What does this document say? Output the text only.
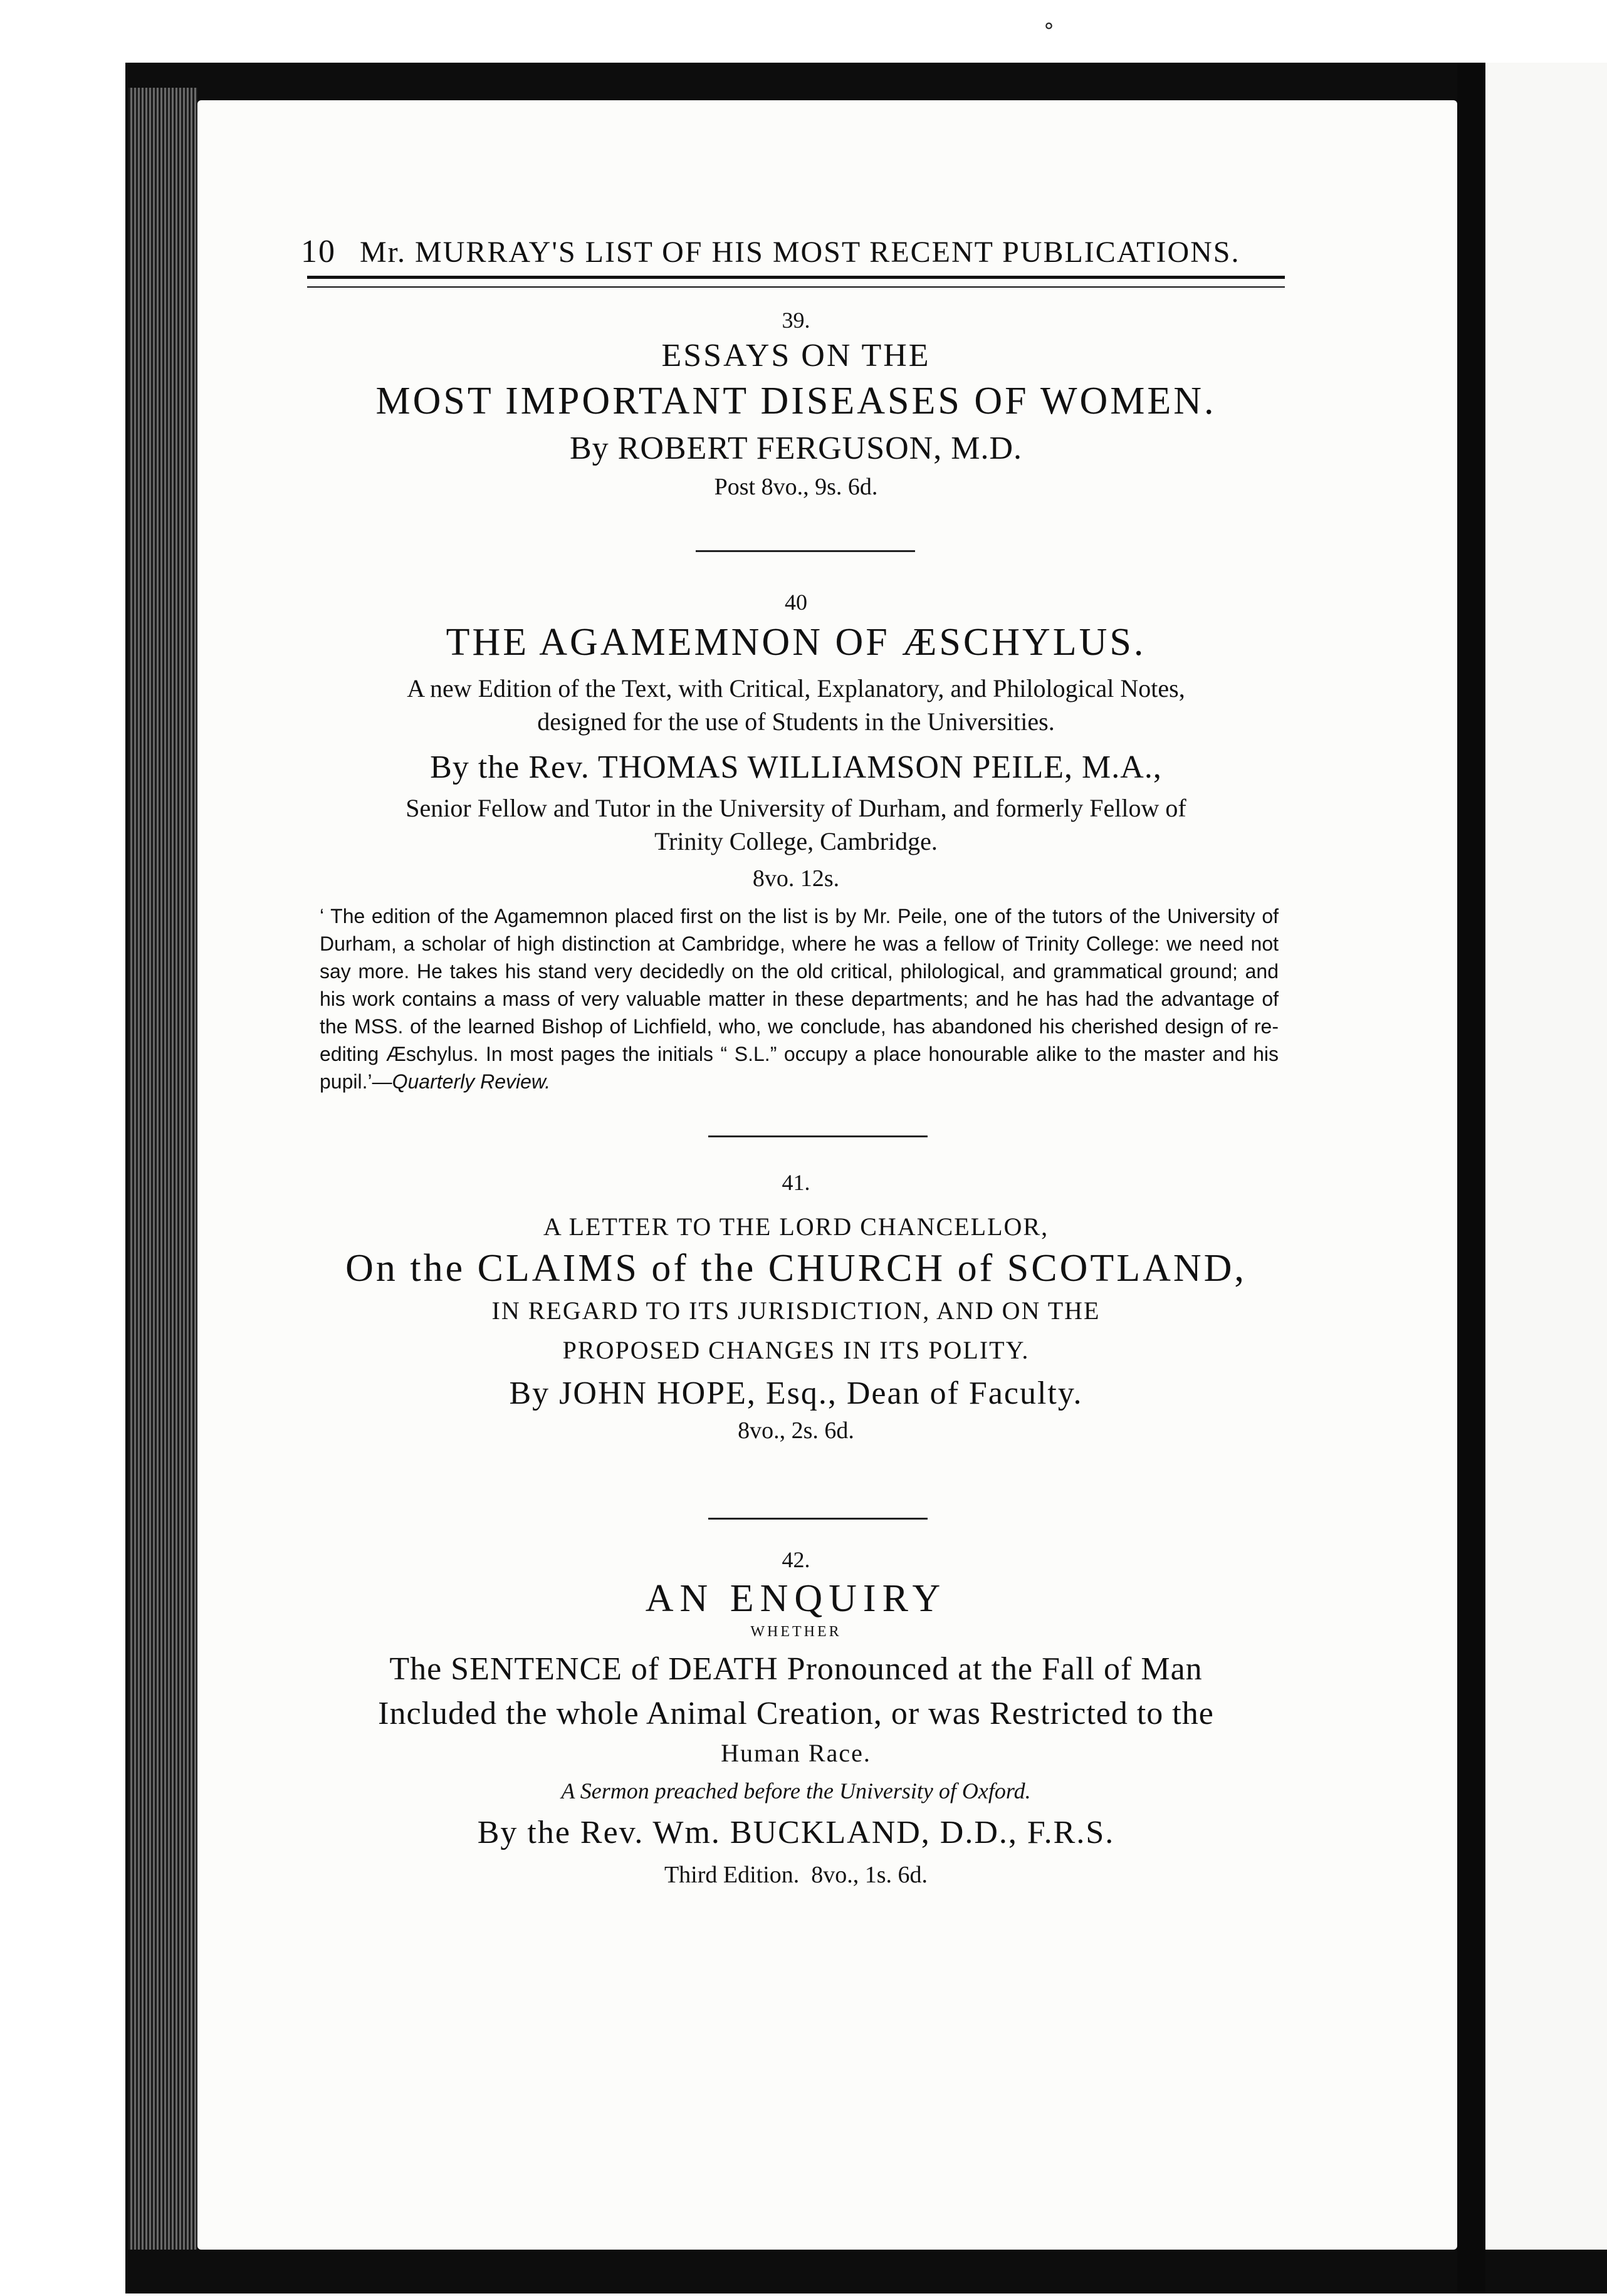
°
10 Mr. MURRAY'S LIST OF HIS MOST RECENT PUBLICATIONS.
39.
ESSAYS ON THE
MOST IMPORTANT DISEASES OF WOMEN.
By ROBERT FERGUSON, M.D.
Post 8vo., 9s. 6d.
40
THE AGAMEMNON OF ÆSCHYLUS.
A new Edition of the Text, with Critical, Explanatory, and Philological Notes,
designed for the use of Students in the Universities.
By the Rev. THOMAS WILLIAMSON PEILE, M.A.,
Senior Fellow and Tutor in the University of Durham, and formerly Fellow of
Trinity College, Cambridge.
8vo. 12s.
‘ The edition of the Agamemnon placed first on the list is by Mr. Peile, one of the tutors of the University of Durham, a scholar of high distinction at Cambridge, where he was a fellow of Trinity College: we need not say more. He takes his stand very decidedly on the old critical, philological, and grammatical ground; and his work contains a mass of very valuable matter in these departments; and he has had the advantage of the MSS. of the learned Bishop of Lichfield, who, we conclude, has abandoned his cherished design of re-editing Æschylus. In most pages the initials “ S.L.” occupy a place honourable alike to the master and his pupil.’—Quarterly Review.
41.
A LETTER TO THE LORD CHANCELLOR,
On the CLAIMS of the CHURCH of SCOTLAND,
IN REGARD TO ITS JURISDICTION, AND ON THE
PROPOSED CHANGES IN ITS POLITY.
By JOHN HOPE, Esq., Dean of Faculty.
8vo., 2s. 6d.
42.
AN ENQUIRY
WHETHER
The SENTENCE of DEATH Pronounced at the Fall of Man
Included the whole Animal Creation, or was Restricted to the
Human Race.
A Sermon preached before the University of Oxford.
By the Rev. Wm. BUCKLAND, D.D., F.R.S.
Third Edition. 8vo., 1s. 6d.
